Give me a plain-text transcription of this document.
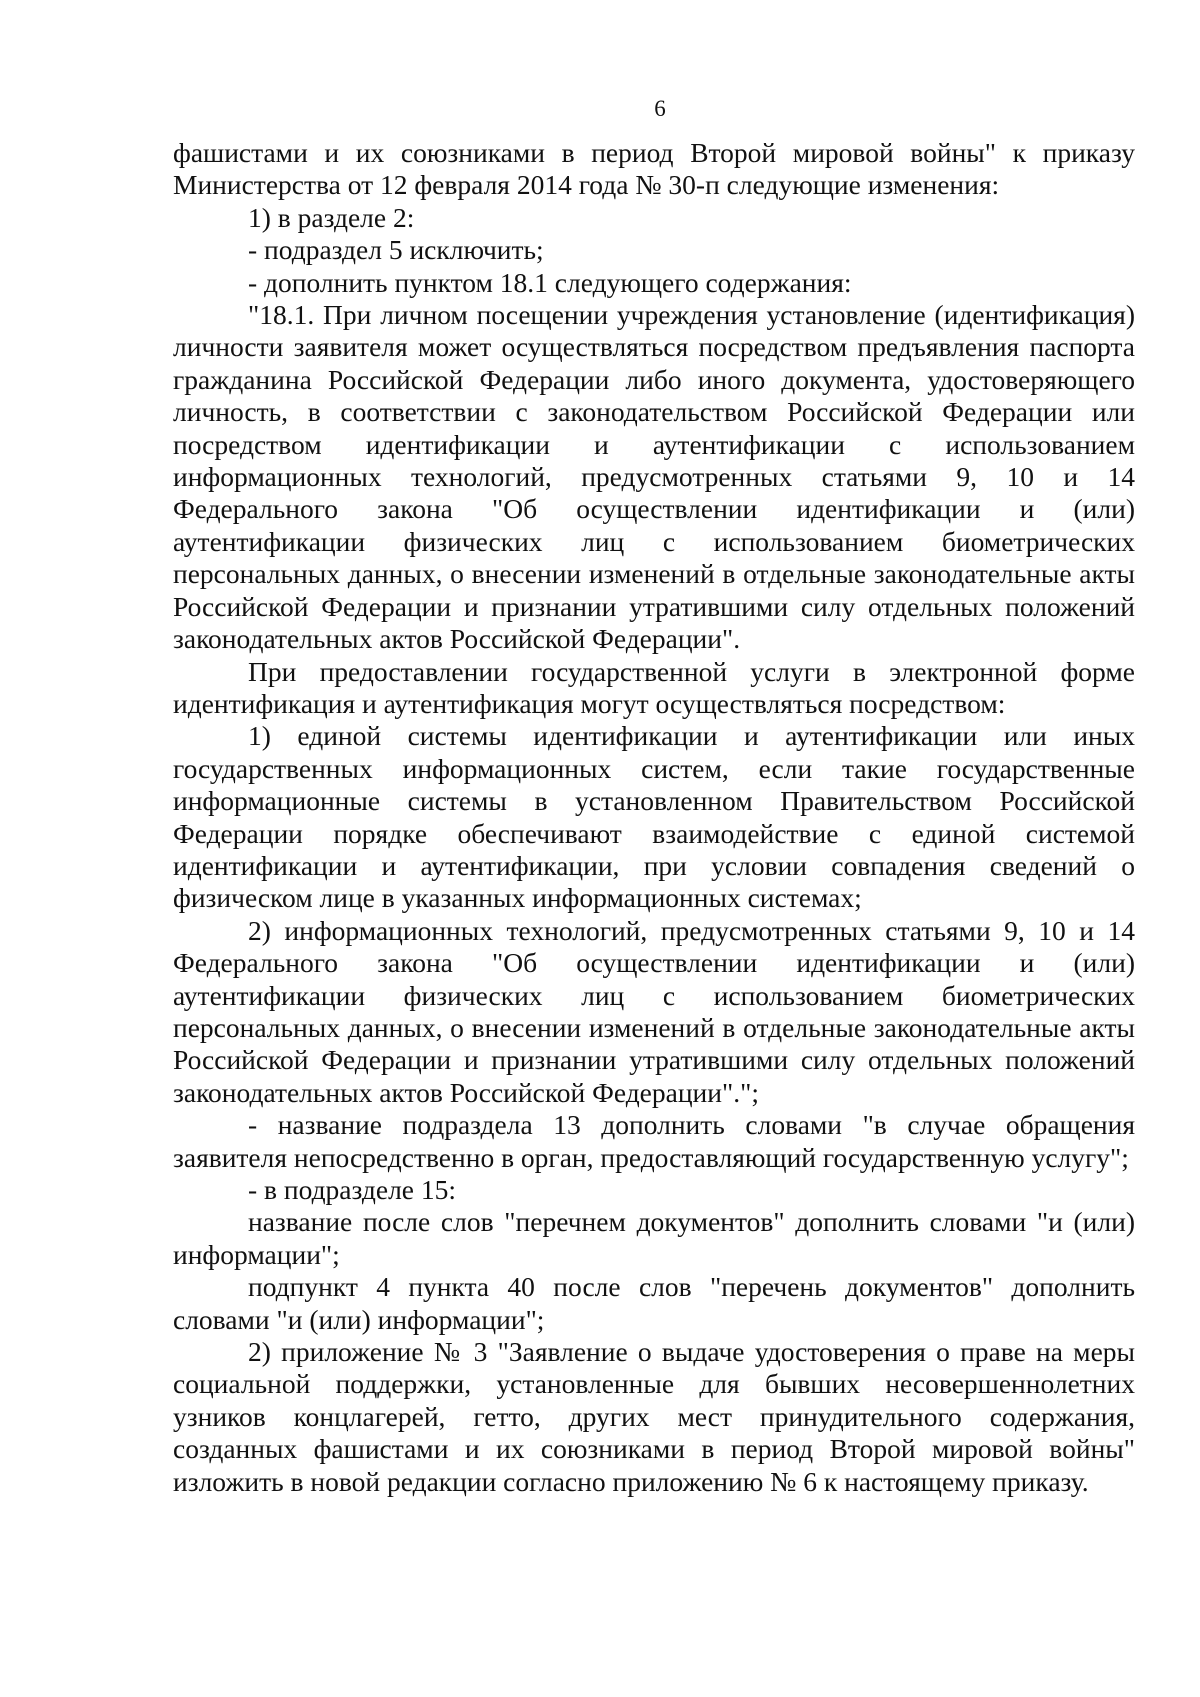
6

фашистами и их союзниками в период Второй мировой войны" к приказу Министерства от 12 февраля 2014 года № 30-п следующие изменения:

1) в разделе 2:

- подраздел 5 исключить;

- дополнить пунктом 18.1 следующего содержания:

"18.1. При личном посещении учреждения установление (идентификация) личности заявителя может осуществляться посредством предъявления паспорта гражданина Российской Федерации либо иного документа, удостоверяющего личность, в соответствии с законодательством Российской Федерации или посредством идентификации и аутентификации с использованием информационных технологий, предусмотренных статьями 9, 10 и 14 Федерального закона "Об осуществлении идентификации и (или) аутентификации физических лиц с использованием биометрических персональных данных, о внесении изменений в отдельные законодательные акты Российской Федерации и признании утратившими силу отдельных положений законодательных актов Российской Федерации".

При предоставлении государственной услуги в электронной форме идентификация и аутентификация могут осуществляться посредством:

1) единой системы идентификации и аутентификации или иных государственных информационных систем, если такие государственные информационные системы в установленном Правительством Российской Федерации порядке обеспечивают взаимодействие с единой системой идентификации и аутентификации, при условии совпадения сведений о физическом лице в указанных информационных системах;

2) информационных технологий, предусмотренных статьями 9, 10 и 14 Федерального закона "Об осуществлении идентификации и (или) аутентификации физических лиц с использованием биометрических персональных данных, о внесении изменений в отдельные законодательные акты Российской Федерации и признании утратившими силу отдельных положений законодательных актов Российской Федерации".";

- название подраздела 13 дополнить словами "в случае обращения заявителя непосредственно в орган, предоставляющий государственную услугу";

- в подразделе 15:

название после слов "перечнем документов" дополнить словами "и (или) информации";

подпункт 4 пункта 40 после слов "перечень документов" дополнить словами "и (или) информации";

2) приложение № 3 "Заявление о выдаче удостоверения о праве на меры социальной поддержки, установленные для бывших несовершеннолетних узников концлагерей, гетто, других мест принудительного содержания, созданных фашистами и их союзниками в период Второй мировой войны" изложить в новой редакции согласно приложению № 6 к настоящему приказу.
